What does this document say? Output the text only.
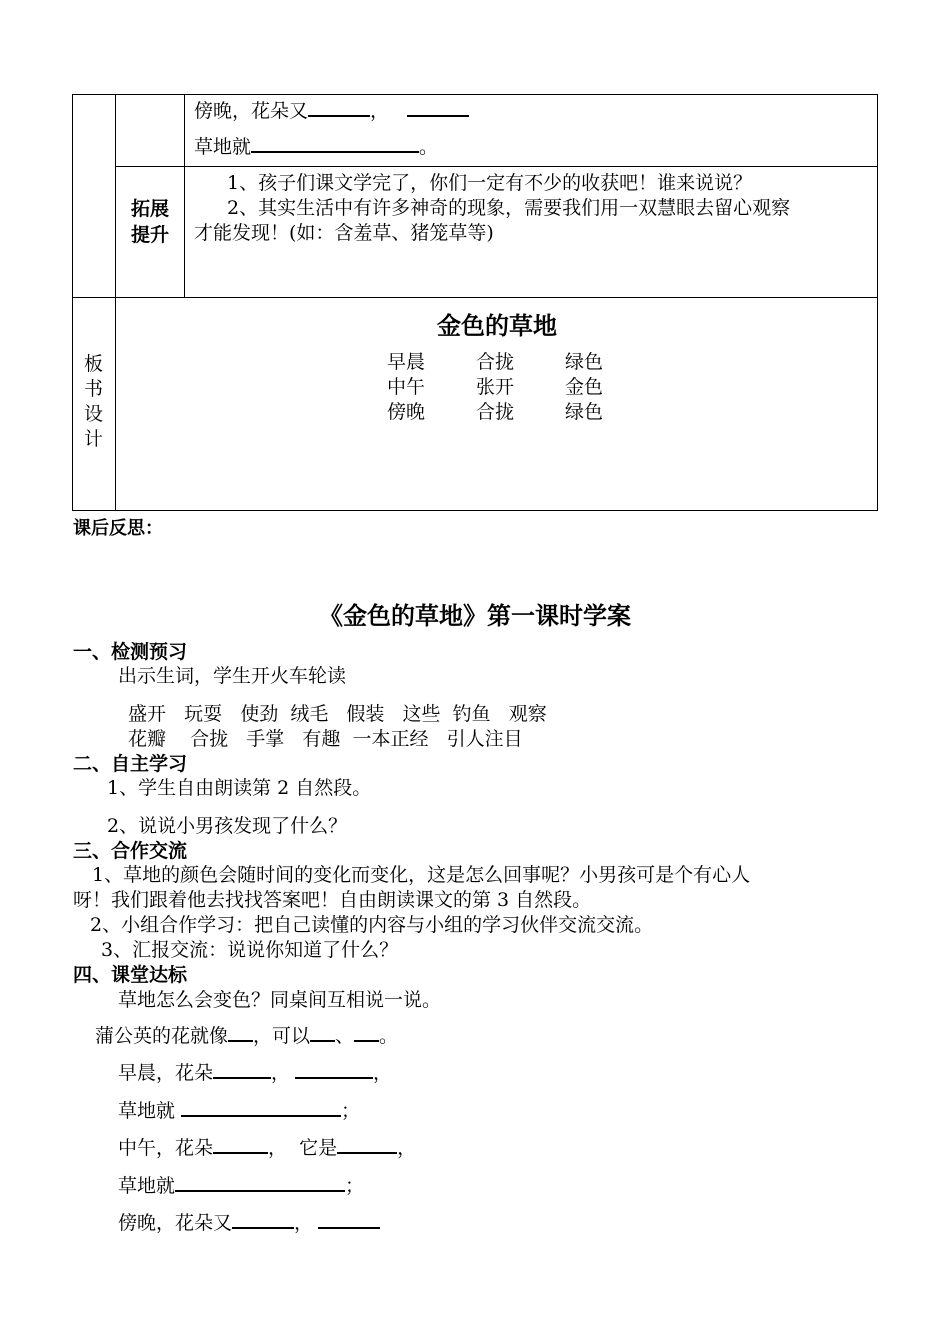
傍晚，花朵又	，
草地就	。
拓展
提升
1、孩子们课文学完了，你们一定有不少的收获吧！谁来说说？
2、其实生活中有许多神奇的现象，需要我们用一双慧眼去留心观察
才能发现！(如：含羞草、猪笼草等)
板
书
设
计
金色的草地
早晨	合拢	绿色
中午	张开	金色
傍晚	合拢	绿色
课后反思：
《金色的草地》第一课时学案
一、检测预习
出示生词，学生开火车轮读
盛开   玩耍   使劲  绒毛   假装   这些  钓鱼   观察
花瓣    合拢   手掌   有趣  一本正经   引人注目
二、自主学习
1、学生自由朗读第 2 自然段。
2、说说小男孩发现了什么？
三、合作交流
1、草地的颜色会随时间的变化而变化，这是怎么回事呢？小男孩可是个有心人
呀！我们跟着他去找找答案吧！自由朗读课文的第 3 自然段。
2、小组合作学习：把自己读懂的内容与小组的学习伙伴交流交流。
3、汇报交流：说说你知道了什么？
四、课堂达标
草地怎么会变色？同桌间互相说一说。
蒲公英的花就像 ，可以 、 。
早晨，花朵	，	，
草地就	；
中午，花朵	，  它是	，
草地就	；
傍晚，花朵又	，
